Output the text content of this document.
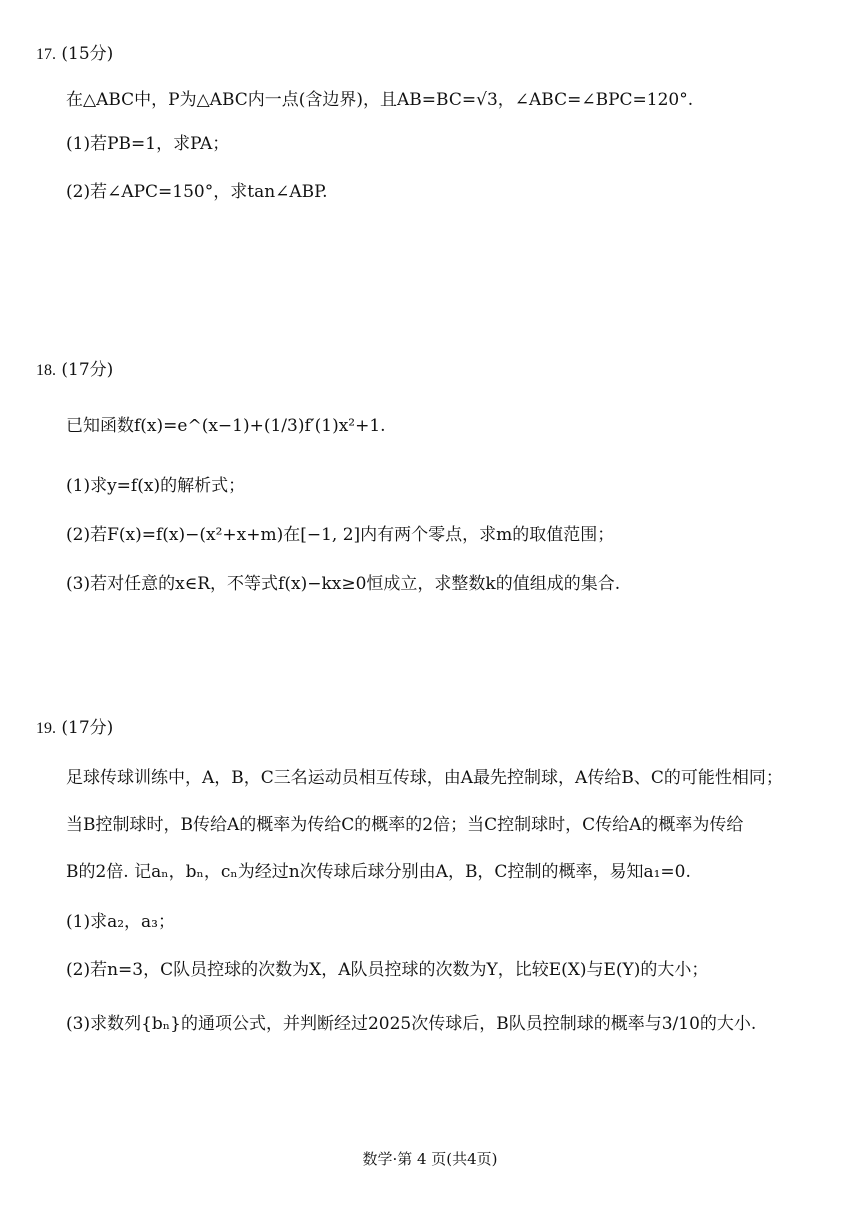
17. (15分)
在△ABC中，P为△ABC内一点(含边界)，且AB=BC=√3，∠ABC=∠BPC=120°.
(1)若PB=1，求PA；
(2)若∠APC=150°，求tan∠ABP.
18. (17分)
已知函数f(x)=e^(x−1)+(1/3)f′(1)x²+1.
(1)求y=f(x)的解析式；
(2)若F(x)=f(x)−(x²+x+m)在[−1, 2]内有两个零点，求m的取值范围；
(3)若对任意的x∈R，不等式f(x)−kx≥0恒成立，求整数k的值组成的集合.
19. (17分)
足球传球训练中，A，B，C三名运动员相互传球，由A最先控制球，A传给B、C的可能性相同；
当B控制球时，B传给A的概率为传给C的概率的2倍；当C控制球时，C传给A的概率为传给
B的2倍. 记aₙ，bₙ，cₙ为经过n次传球后球分别由A，B，C控制的概率，易知a₁=0.
(1)求a₂，a₃；
(2)若n=3，C队员控球的次数为X，A队员控球的次数为Y，比较E(X)与E(Y)的大小；
(3)求数列{bₙ}的通项公式，并判断经过2025次传球后，B队员控制球的概率与3/10的大小.
数学·第 4 页(共4页)
